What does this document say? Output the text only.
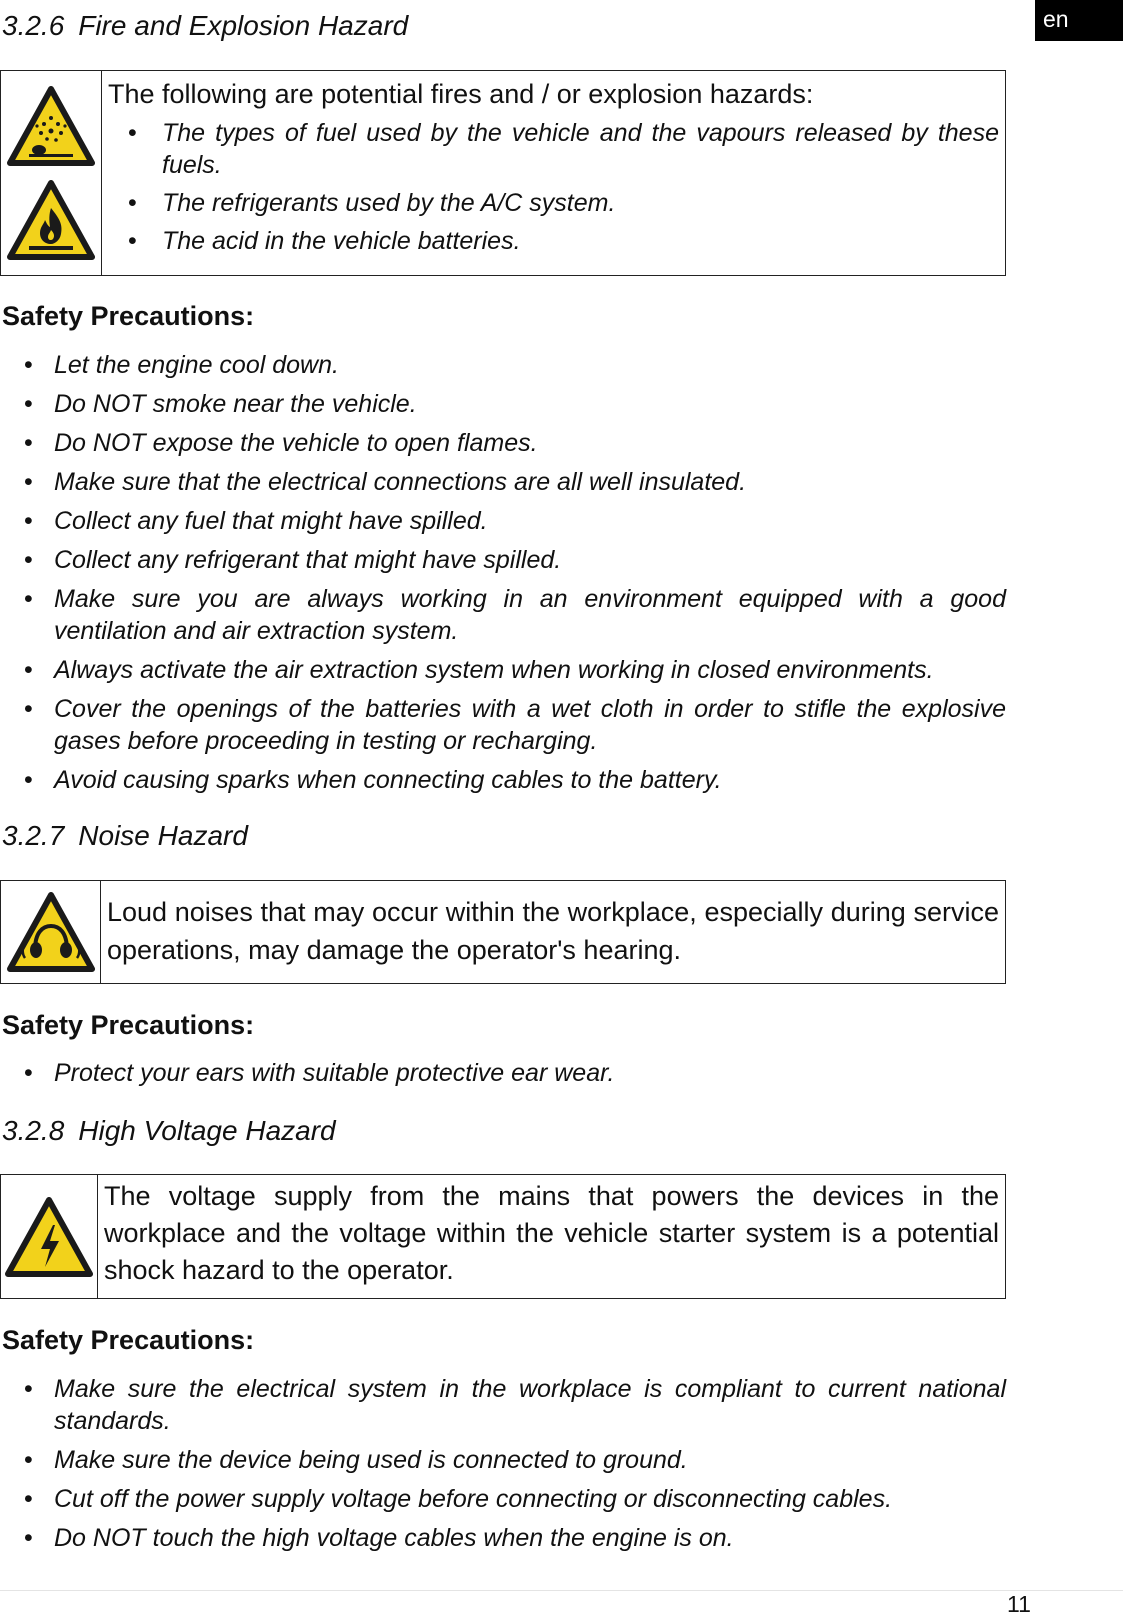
en
3.2.6 Fire and Explosion Hazard

The following are potential fires and / or explosion hazards:

• The types of fuel used by the vehicle and the vapours released by these fuels.
• The refrigerants used by the A/C system.
• The acid in the vehicle batteries.
Safety Precautions:
• Let the engine cool down.
• Do NOT smoke near the vehicle.
• Do NOT expose the vehicle to open flames.
• Make sure that the electrical connections are all well insulated.
• Collect any fuel that might have spilled.
• Collect any refrigerant that might have spilled.
• Make sure you are always working in an environment equipped with a good ventilation and air extraction system.
• Always activate the air extraction system when working in closed environments.
• Cover the openings of the batteries with a wet cloth in order to stifle the explosive gases before proceeding in testing or recharging.
• Avoid causing sparks when connecting cables to the battery.
3.2.7 Noise Hazard

Loud noises that may occur within the workplace, especially during service operations, may damage the operator's hearing.

Safety Precautions:
• Protect your ears with suitable protective ear wear.
3.2.8 High Voltage Hazard

The voltage supply from the mains that powers the devices in the workplace and the voltage within the vehicle starter system is a potential shock hazard to the operator.

Safety Precautions:
• Make sure the electrical system in the workplace is compliant to current national standards.
• Make sure the device being used is connected to ground.
• Cut off the power supply voltage before connecting or disconnecting cables.
• Do NOT touch the high voltage cables when the engine is on.
11
